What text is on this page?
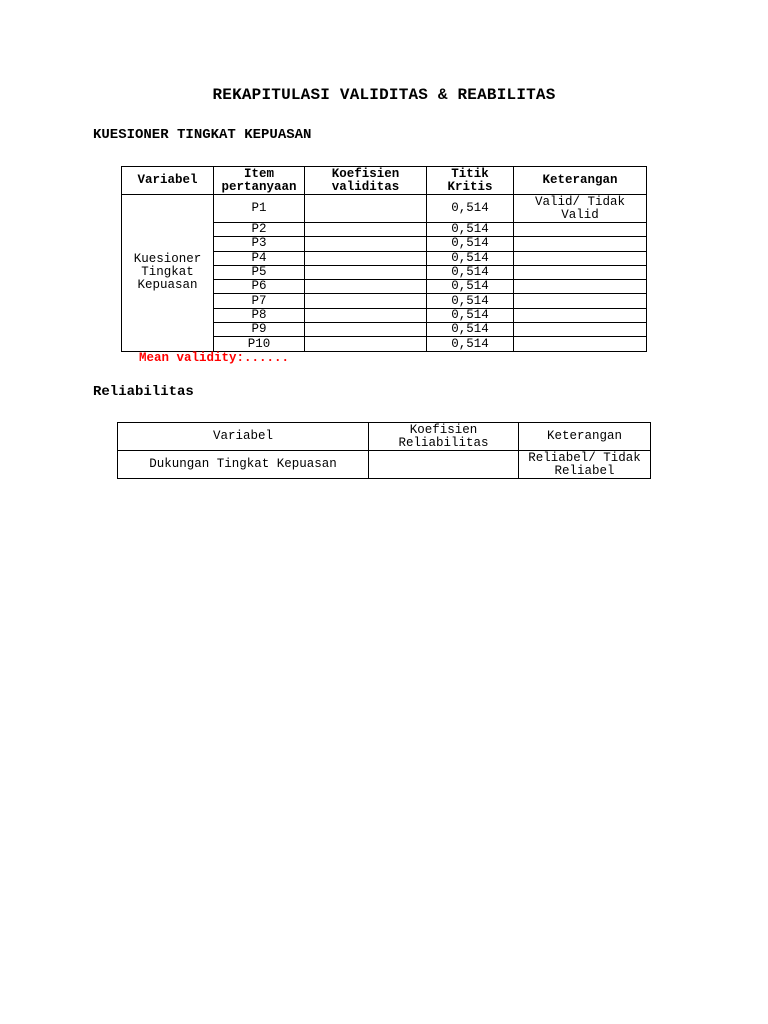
REKAPITULASI VALIDITAS & REABILITAS
KUESIONER TINGKAT KEPUASAN
Variabel	Item pertanyaan	Koefisien validitas	Titik Kritis	Keterangan
Kuesioner Tingkat Kepuasan	P1		0,514	Valid/ Tidak Valid
	P2		0,514	
	P3		0,514	
	P4		0,514	
	P5		0,514	
	P6		0,514	
	P7		0,514	
	P8		0,514	
	P9		0,514	
	P10		0,514	
Mean validity:......
Reliabilitas
Variabel	Koefisien Reliabilitas	Keterangan
Dukungan Tingkat Kepuasan		Reliabel/ Tidak Reliabel
